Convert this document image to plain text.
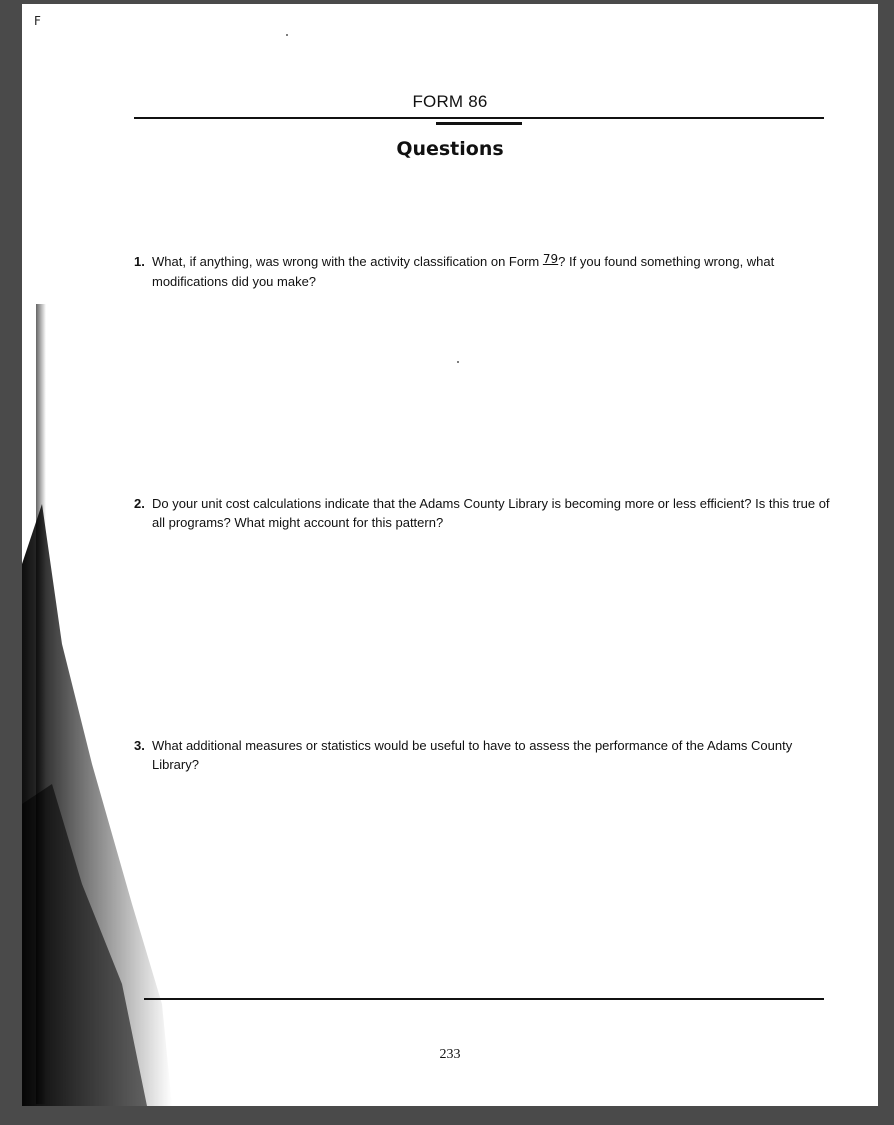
F
FORM 86
Questions
1. What, if anything, was wrong with the activity classification on Form 79? If you found something wrong, what modifications did you make?
2. Do your unit cost calculations indicate that the Adams County Library is becoming more or less efficient? Is this true of all programs? What might account for this pattern?
3. What additional measures or statistics would be useful to have to assess the performance of the Adams County Library?
233
